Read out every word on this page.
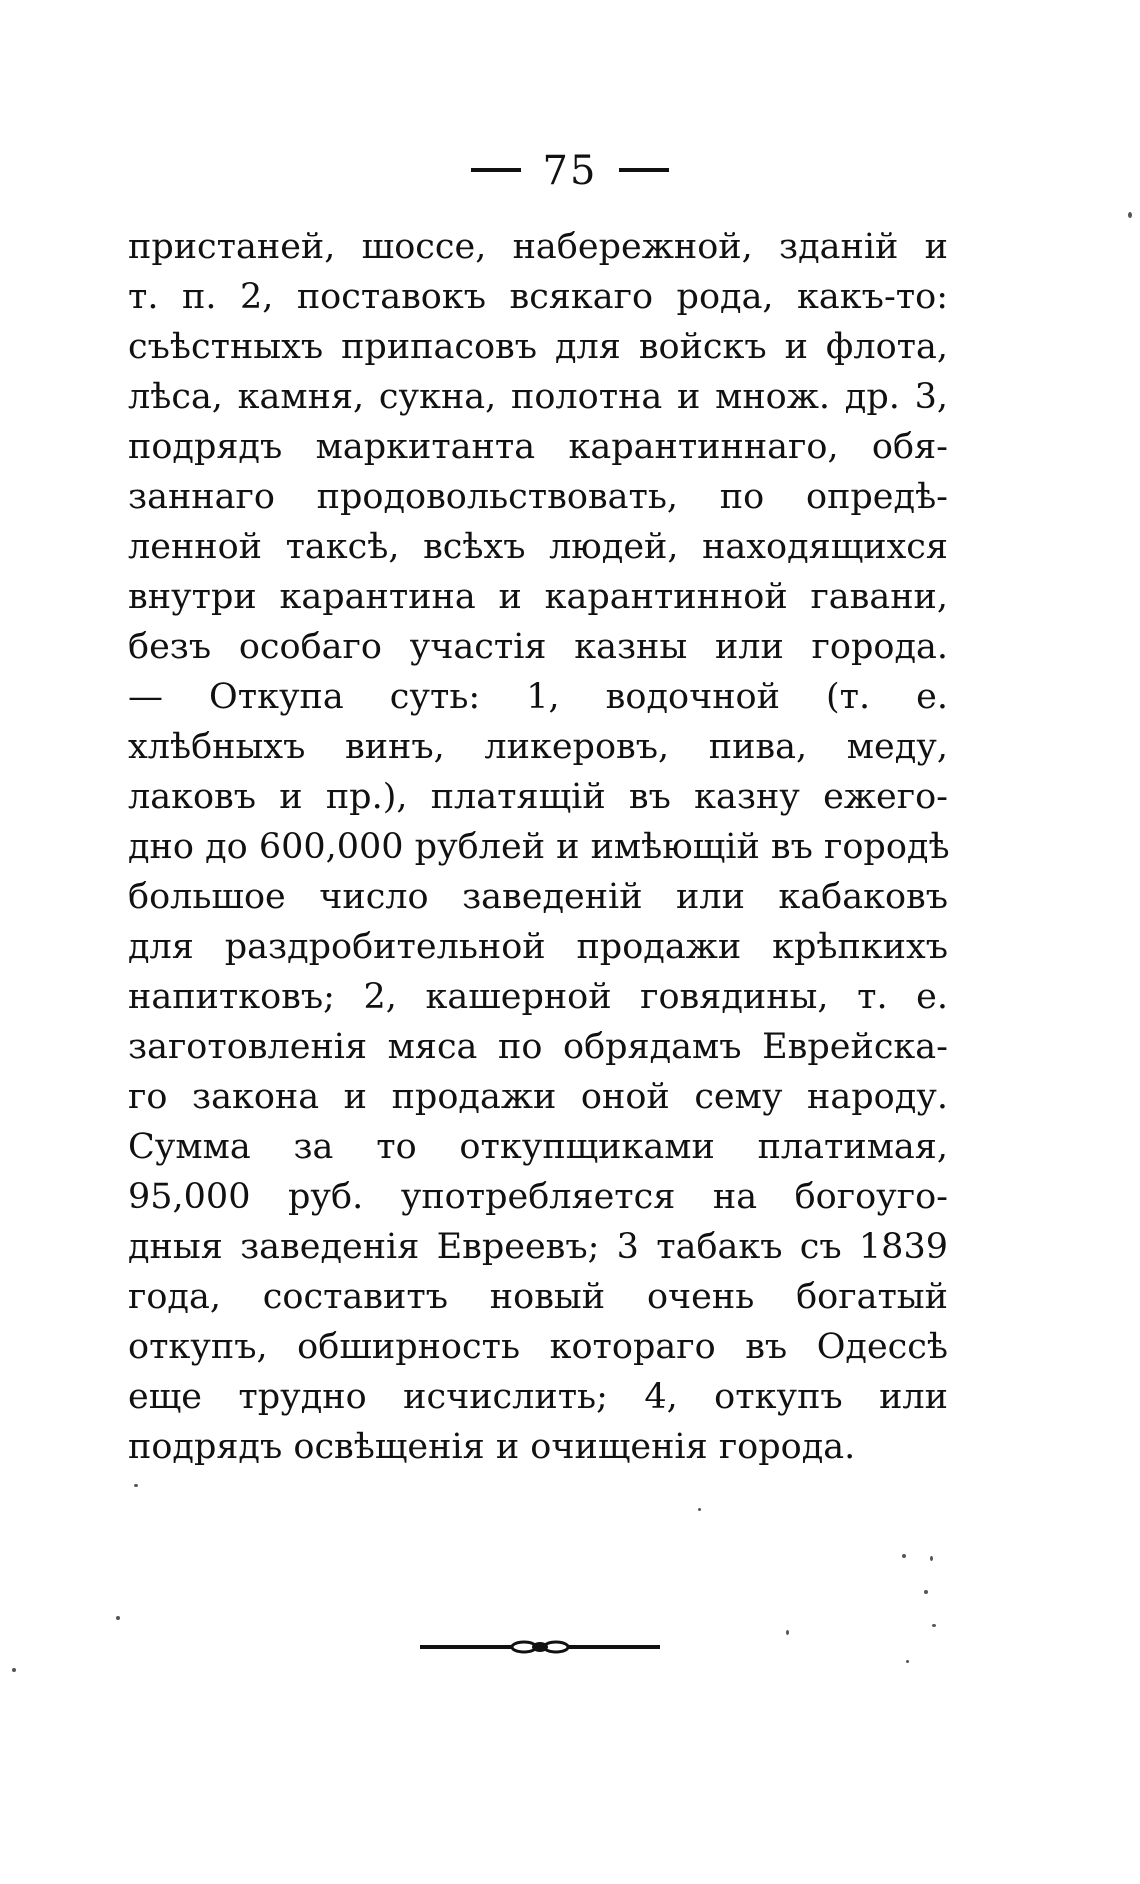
75
пристаней, шоссе, набережной, зданій и
т. п. 2, поставокъ всякаго рода, какъ-то:
съѣстныхъ припасовъ для войскъ и флота,
лѣса, камня, сукна, полотна и множ. др. 3,
подрядъ маркитанта карантиннаго, обя-
заннаго продовольствовать, по опредѣ-
ленной таксѣ, всѣхъ людей, находящихся
внутри карантина и карантинной гавани,
безъ особаго участія казны или города.
— Откупа суть: 1, водочной (т. е.
хлѣбныхъ винъ, ликеровъ, пива, меду,
лаковъ и пр.), платящій въ казну ежего-
дно до 600,000 рублей и имѣющій въ городѣ
большое число заведеній или кабаковъ
для раздробительной продажи крѣпкихъ
напитковъ; 2, кашерной говядины, т. е.
заготовленія мяса по обрядамъ Еврейска-
го закона и продажи оной сему народу.
Сумма за то откупщиками платимая,
95,000 руб. употребляется на богоуго-
дныя заведенія Евреевъ; 3 табакъ съ 1839
года, составитъ новый очень богатый
откупъ, обширность котораго въ Одессѣ
еще трудно исчислить; 4, откупъ или
подрядъ освѣщенія и очищенія города.
